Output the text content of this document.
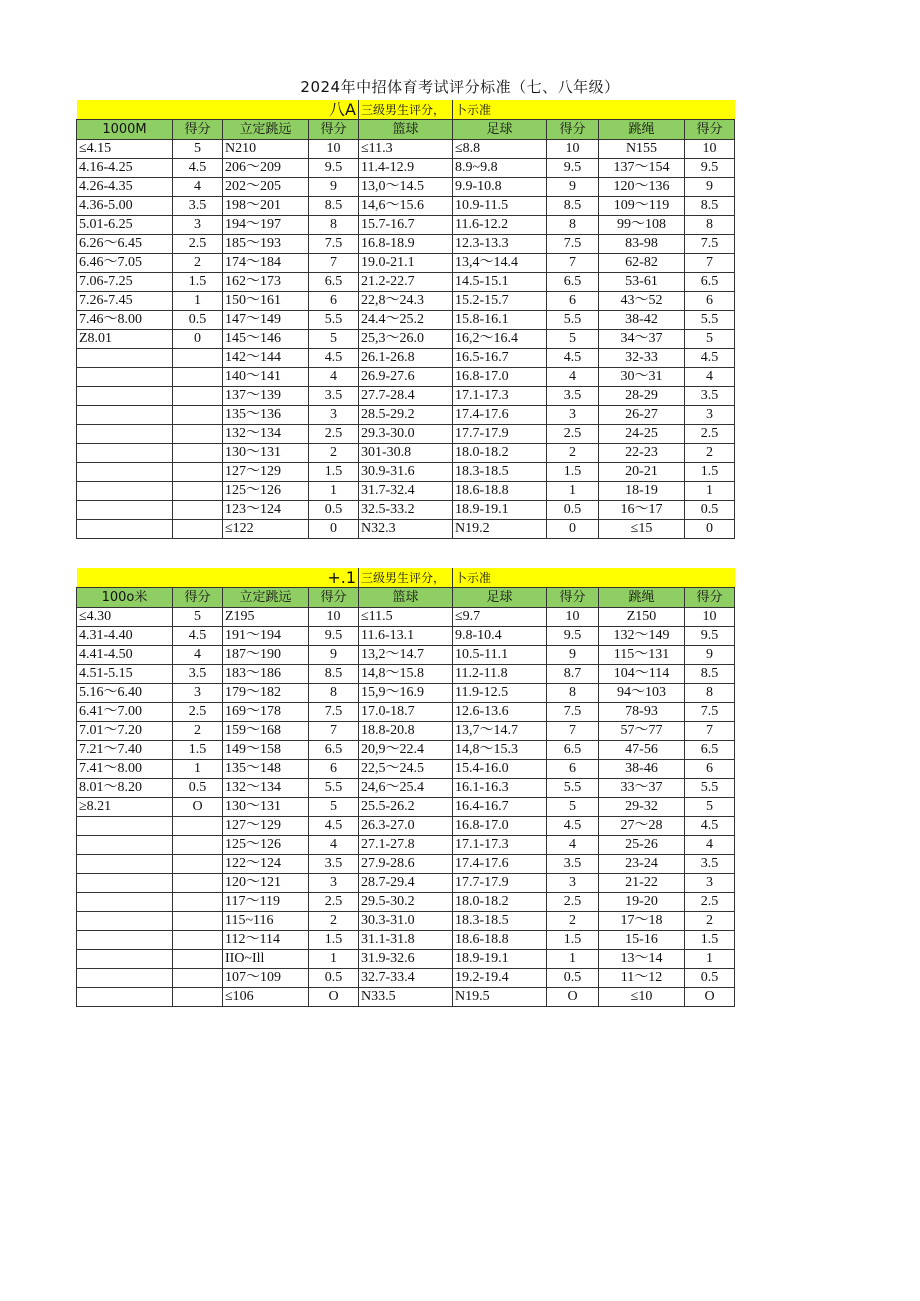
2024年中招体育考试评分标准（七、八年级）
八A				三级男生评分，	卜示准			
1000M	得分	立定跳远	得分	篮球	足球	得分	跳绳	得分
≤4.15	5	N210	10	≤11.3	≤8.8	10	N155	10
4.16-4.25	4.5	206～209	9.5	11.4-12.9	8.9~9.8	9.5	137～154	9.5
4.26-4.35	4	202～205	9	13,0～14.5	9.9-10.8	9	120～136	9
4.36-5.00	3.5	198～201	8.5	14,6～15.6	10.9-11.5	8.5	109～119	8.5
5.01-6.25	3	194～197	8	15.7-16.7	11.6-12.2	8	99～108	8
6.26～6.45	2.5	185～193	7.5	16.8-18.9	12.3-13.3	7.5	83-98	7.5
6.46～7.05	2	174～184	7	19.0-21.1	13,4～14.4	7	62-82	7
7.06-7.25	1.5	162～173	6.5	21.2-22.7	14.5-15.1	6.5	53-61	6.5
7.26-7.45	1	150～161	6	22,8～24.3	15.2-15.7	6	43～52	6
7.46～8.00	0.5	147～149	5.5	24.4～25.2	15.8-16.1	5.5	38-42	5.5
Z8.01	0	145～146	5	25,3～26.0	16,2～16.4	5	34～37	5
		142～144	4.5	26.1-26.8	16.5-16.7	4.5	32-33	4.5
		140～141	4	26.9-27.6	16.8-17.0	4	30～31	4
		137～139	3.5	27.7-28.4	17.1-17.3	3.5	28-29	3.5
		135～136	3	28.5-29.2	17.4-17.6	3	26-27	3
		132～134	2.5	29.3-30.0	17.7-17.9	2.5	24-25	2.5
		130～131	2	301-30.8	18.0-18.2	2	22-23	2
		127～129	1.5	30.9-31.6	18.3-18.5	1.5	20-21	1.5
		125～126	1	31.7-32.4	18.6-18.8	1	18-19	1
		123～124	0.5	32.5-33.2	18.9-19.1	0.5	16～17	0.5
		≤122	0	N32.3	N19.2	0	≤15	0
+.1				三级男生评分，	卜示准			
100o米	得分	立定跳远	得分	篮球	足球	得分	跳绳	得分
≤4.30	5	Z195	10	≤11.5	≤9.7	10	Z150	10
4.31-4.40	4.5	191～194	9.5	11.6-13.1	9.8-10.4	9.5	132～149	9.5
4.41-4.50	4	187～190	9	13,2～14.7	10.5-11.1	9	115～131	9
4.51-5.15	3.5	183～186	8.5	14,8～15.8	11.2-11.8	8.7	104～114	8.5
5.16～6.40	3	179～182	8	15,9～16.9	11.9-12.5	8	94～103	8
6.41～7.00	2.5	169～178	7.5	17.0-18.7	12.6-13.6	7.5	78-93	7.5
7.01～7.20	2	159～168	7	18.8-20.8	13,7～14.7	7	57～77	7
7.21～7.40	1.5	149～158	6.5	20,9～22.4	14,8～15.3	6.5	47-56	6.5
7.41～8.00	1	135～148	6	22,5～24.5	15.4-16.0	6	38-46	6
8.01～8.20	0.5	132～134	5.5	24,6～25.4	16.1-16.3	5.5	33～37	5.5
≥8.21	O	130～131	5	25.5-26.2	16.4-16.7	5	29-32	5
		127～129	4.5	26.3-27.0	16.8-17.0	4.5	27～28	4.5
		125～126	4	27.1-27.8	17.1-17.3	4	25-26	4
		122～124	3.5	27.9-28.6	17.4-17.6	3.5	23-24	3.5
		120～121	3	28.7-29.4	17.7-17.9	3	21-22	3
		117～119	2.5	29.5-30.2	18.0-18.2	2.5	19-20	2.5
		115~116	2	30.3-31.0	18.3-18.5	2	17～18	2
		112～114	1.5	31.1-31.8	18.6-18.8	1.5	15-16	1.5
		IIO~Ill	1	31.9-32.6	18.9-19.1	1	13～14	1
		107～109	0.5	32.7-33.4	19.2-19.4	0.5	11～12	0.5
		≤106	O	N33.5	N19.5	O	≤10	O
